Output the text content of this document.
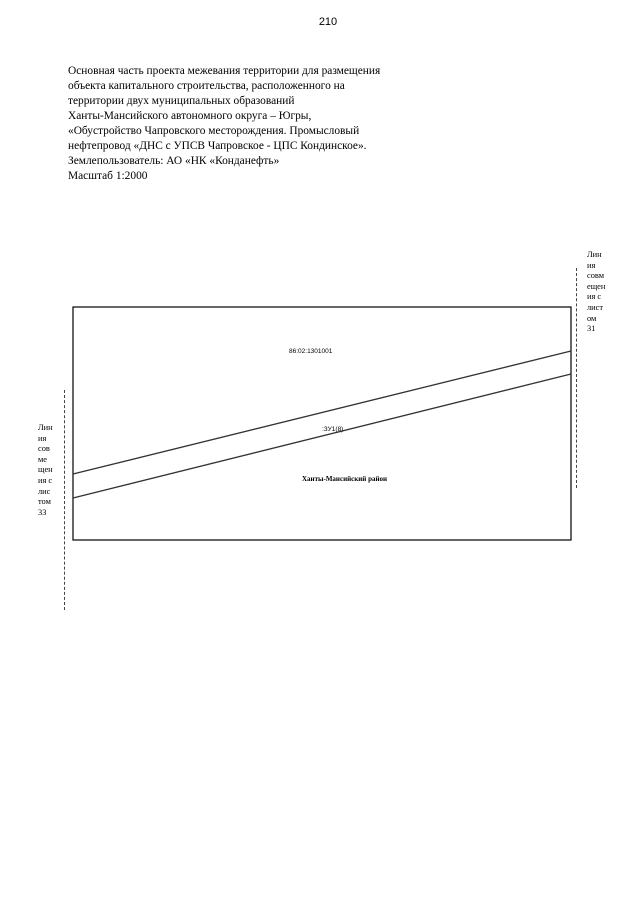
210
Основная часть проекта межевания территории для размещения
объекта капитального строительства, расположенного на
территории двух муниципальных образований
Ханты-Мансийского автономного округа – Югры,
«Обустройство Чапровского месторождения. Промысловый
нефтепровод «ДНС с УПСВ Чапровское - ЦПС Кондинское».
Землепользователь: АО «НК «Конданефть»
Масштаб 1:2000
Лин
ия
совм
ещен
ия с
лист
ом
31
Лин
ия
сов
ме
щен
ия с
лис
том
33
86:02:1301001
:ЗУ1(8)
Ханты-Мансийский район
